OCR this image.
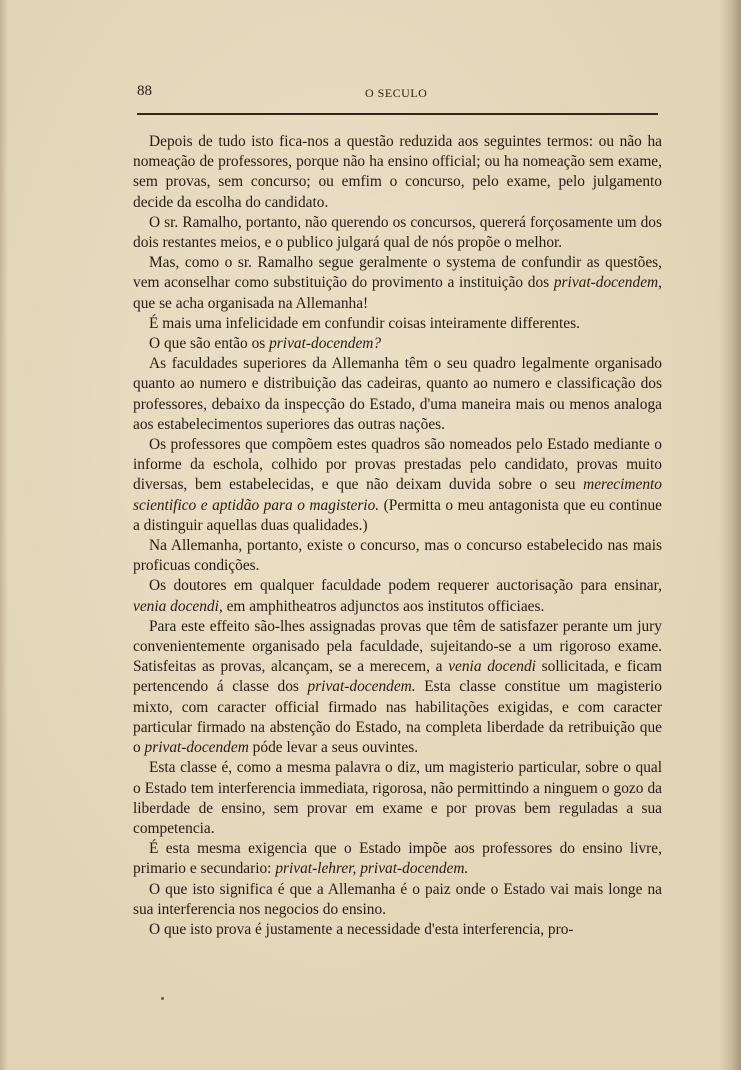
88	O SECULO

Depois de tudo isto fica-nos a questão reduzida aos seguintes termos: ou não ha nomeação de professores, porque não ha ensino official; ou ha nomeação sem exame, sem provas, sem concurso; ou emfim o concurso, pelo exame, pelo julgamento decide da escolha do candidato.

O sr. Ramalho, portanto, não querendo os concursos, quererá forçosamente um dos dois restantes meios, e o publico julgará qual de nós propõe o melhor.

Mas, como o sr. Ramalho segue geralmente o systema de confundir as questões, vem aconselhar como substituição do provimento a instituição dos privat-docendem, que se acha organisada na Allemanha!

É mais uma infelicidade em confundir coisas inteiramente differentes.

O que são então os privat-docendem?

As faculdades superiores da Allemanha têm o seu quadro legalmente organisado quanto ao numero e distribuição das cadeiras, quanto ao numero e classificação dos professores, debaixo da inspecção do Estado, d'uma maneira mais ou menos analoga aos estabelecimentos superiores das outras nações.

Os professores que compõem estes quadros são nomeados pelo Estado mediante o informe da eschola, colhido por provas prestadas pelo candidato, provas muito diversas, bem estabelecidas, e que não deixam duvida sobre o seu merecimento scientifico e aptidão para o magisterio. (Permitta o meu antagonista que eu continue a distinguir aquellas duas qualidades.)

Na Allemanha, portanto, existe o concurso, mas o concurso estabelecido nas mais proficuas condições.

Os doutores em qualquer faculdade podem requerer auctorisação para ensinar, venia docendi, em amphitheatros adjunctos aos institutos officiaes.

Para este effeito são-lhes assignadas provas que têm de satisfazer perante um jury convenientemente organisado pela faculdade, sujeitando-se a um rigoroso exame. Satisfeitas as provas, alcançam, se a merecem, a venia docendi sollicitada, e ficam pertencendo á classe dos privat-docendem. Esta classe constitue um magisterio mixto, com caracter official firmado nas habilitações exigidas, e com caracter particular firmado na abstenção do Estado, na completa liberdade da retribuição que o privat-docendem póde levar a seus ouvintes.

Esta classe é, como a mesma palavra o diz, um magisterio particular, sobre o qual o Estado tem interferencia immediata, rigorosa, não permittindo a ninguem o gozo da liberdade de ensino, sem provar em exame e por provas bem reguladas a sua competencia.

É esta mesma exigencia que o Estado impõe aos professores do ensino livre, primario e secundario: privat-lehrer, privat-docendem.

O que isto significa é que a Allemanha é o paiz onde o Estado vai mais longe na sua interferencia nos negocios do ensino.

O que isto prova é justamente a necessidade d'esta interferencia, pro-
